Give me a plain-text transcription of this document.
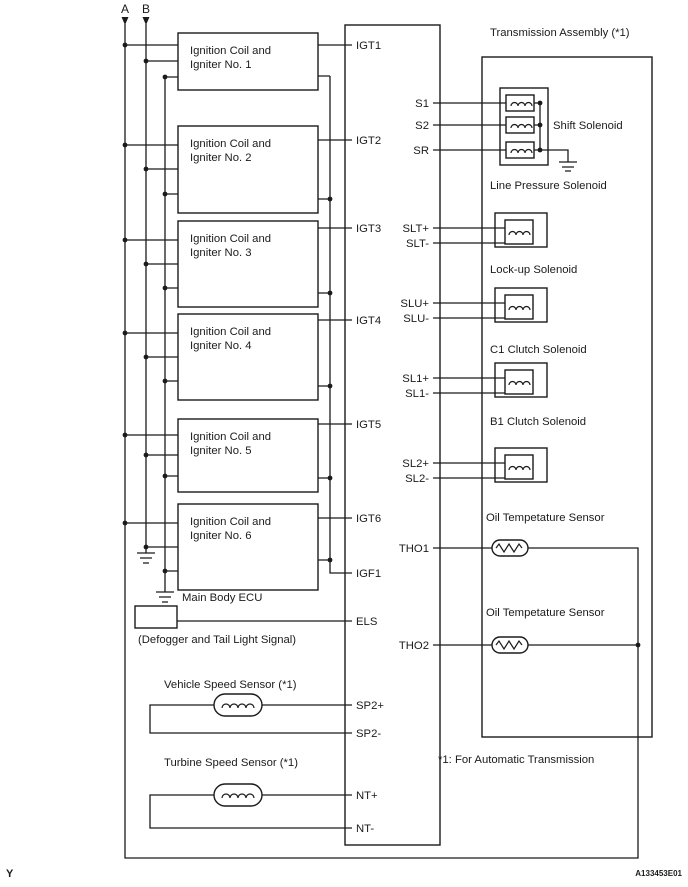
Ignition Coil and Igniter No. 1
Ignition Coil and Igniter No. 2
Ignition Coil and Igniter No. 3
Ignition Coil and Igniter No. 4
Ignition Coil and Igniter No. 5
Ignition Coil and Igniter No. 6
Main Body ECU
(Defogger and Tail Light Signal)
Shift Solenoid
Line Pressure Solenoid
Lock-up Solenoid
C1 Clutch Solenoid
B1 Clutch Solenoid
Oil Tempetature Sensor
Oil Tempetature Sensor
Vehicle Speed Sensor (*1)
Turbine Speed Sensor (*1)
A B
IGT1
IGT2
IGT3
IGT4
IGT5
IGT6
IGF1
ELS
SP2+
SP2-
NT+
NT-
S1
S2
SR
SLT+
SLT-
SLU+
SLU-
SL1+
SL1-
SL2+
SL2-
THO1
THO2
Transmission Assembly (*1)
*1: For Automatic Transmission
A133453E01
Y
